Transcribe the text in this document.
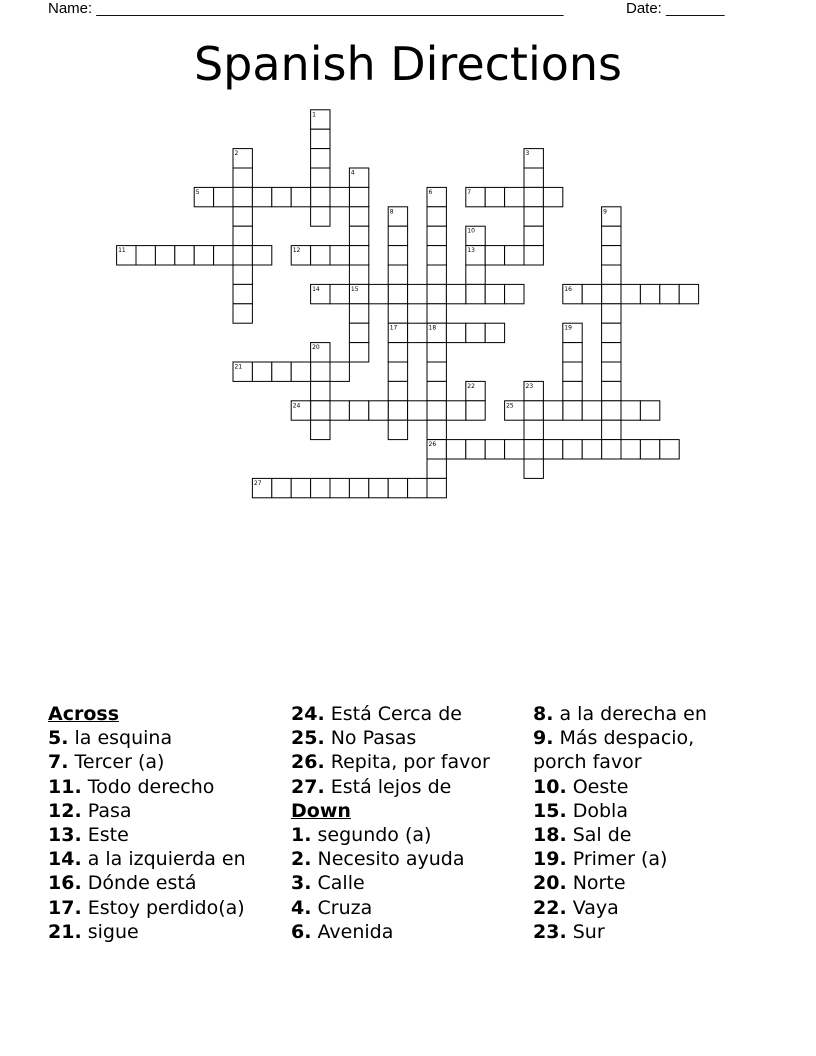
Name: ________________________________________________________	Date: _______
Spanish Directions
1
2	3
4
5	6	7
8	9
10
11	12	13
14	15	16
17	18	19
20
21
22	23
24	25
26
27
Across
5. la esquina
7. Tercer (a)
11. Todo derecho
12. Pasa
13. Este
14. a la izquierda en
16. Dónde está
17. Estoy perdido(a)
21. sigue
24. Está Cerca de
25. No Pasas
26. Repita, por favor
27. Está lejos de
Down
1. segundo (a)
2. Necesito ayuda
3. Calle
4. Cruza
6. Avenida
8. a la derecha en
9. Más despacio,
porch favor
10. Oeste
15. Dobla
18. Sal de
19. Primer (a)
20. Norte
22. Vaya
23. Sur
